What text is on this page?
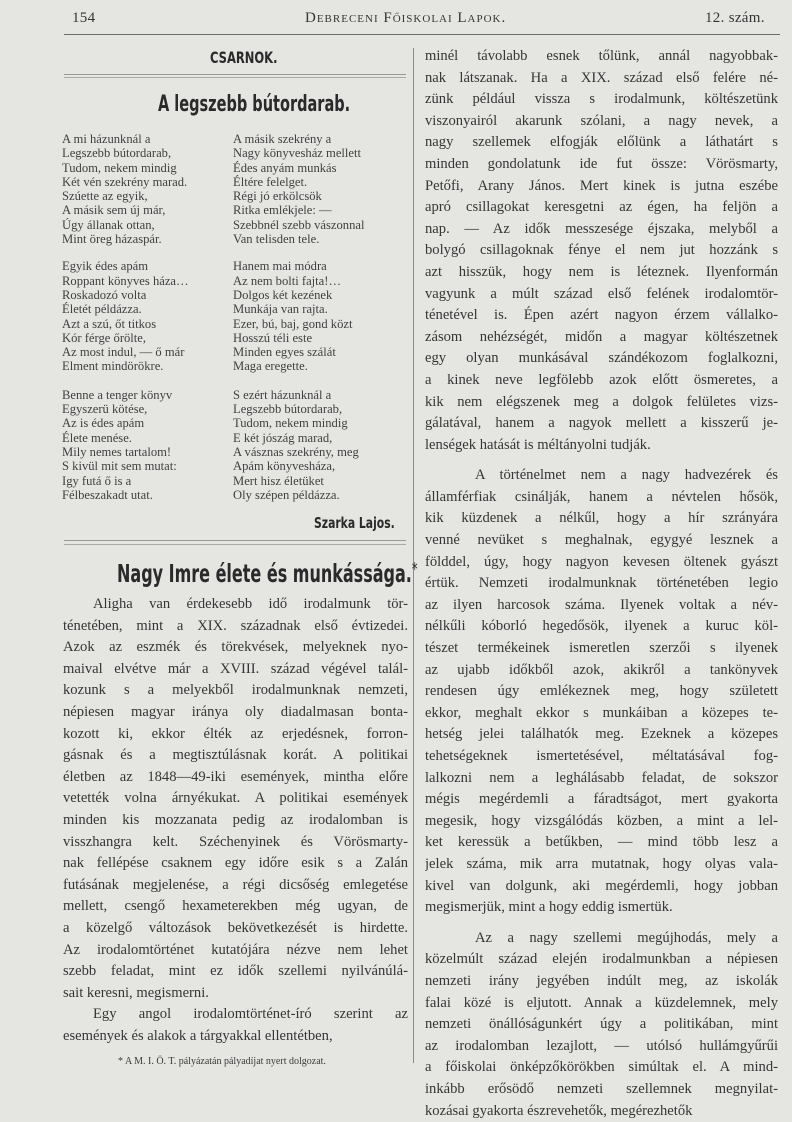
154	Debreceni Főiskolai Lapok.	12. szám.
CSARNOK.
A legszebb bútordarab.
A mi házunknál a
Legszebb bútordarab,
Tudom, nekem mindig
Két vén szekrény marad.
Szúette az egyik,
A másik sem új már,
Úgy állanak ottan,
Mint öreg házaspár.
Egyik édes apám
Roppant könyves háza…
Roskadozó volta
Életét példázza.
Azt a szú, őt titkos
Kór férge őrölte,
Az most indul, — ő már
Elment mindörökre.
Benne a tenger könyv
Egyszerü kötése,
Az is édes apám
Élete menése.
Mily nemes tartalom!
S kivül mit sem mutat:
Igy futá ő is a
Félbeszakadt utat.
A másik szekrény a
Nagy könyvesház mellett
Édes anyám munkás
Éltére felelget.
Régi jó erkölcsök
Ritka emlékjele: —
Szebbnél szebb vászonnal
Van telisden tele.
Hanem mai módra
Az nem bolti fajta!…
Dolgos két kezének
Munkája van rajta.
Ezer, bú, baj, gond közt
Hosszú téli este
Minden egyes szálát
Maga eregette.
S ezért házunknál a
Legszebb bútordarab,
Tudom, nekem mindig
E két jószág marad,
A vásznas szekrény, meg
Apám könyvesháza,
Mert hisz életüket
Oly szépen példázza.
Szarka Lajos.
Nagy Imre élete és munkássága.*
Aligha van érdekesebb idő irodalmunk tör-
ténetében, mint a XIX. századnak első évtizedei.
Azok az eszmék és törekvések, melyeknek nyo-
maival elvétve már a XVIII. század végével talál-
kozunk s a melyekből irodalmunknak nemzeti,
népiesen magyar iránya oly diadalmasan bonta-
kozott ki, ekkor élték az erjedésnek, forron-
gásnak és a megtisztúlásnak korát. A politikai
életben az 1848—49-iki események, mintha előre
vetették volna árnyékukat. A politikai események
minden kis mozzanata pedig az irodalomban is
visszhangra kelt. Széchenyinek és Vörösmarty-
nak fellépése csaknem egy időre esik s a Zalán
futásának megjelenése, a régi dicsőség emlegetése
mellett, csengő hexameterekben még ugyan, de
a közelgő változások bekövetkezését is hirdette.
Az irodalomtörténet kutatójára nézve nem lehet
szebb feladat, mint ez idők szellemi nyilvánúlá-
sait keresni, megismerni.
Egy angol irodalomtörténet-író szerint az
események és alakok a tárgyakkal ellentétben,
* A M. I. Ö. T. pályázatán pályadíjat nyert dolgozat.
minél távolabb esnek tőlünk, annál nagyobbak-
nak látszanak. Ha a XIX. század első felére né-
zünk például vissza s irodalmunk, költészetünk
viszonyairól akarunk szólani, a nagy nevek, a
nagy szellemek elfogják előlünk a láthatárt s
minden gondolatunk ide fut össze: Vörösmarty,
Petőfi, Arany János. Mert kinek is jutna eszébe
apró csillagokat keresgetni az égen, ha feljön a
nap. — Az idők messzesége éjszaka, melyből a
bolygó csillagoknak fénye el nem jut hozzánk s
azt hisszük, hogy nem is léteznek. Ilyenformán
vagyunk a múlt század első felének irodalomtör-
ténetével is. Épen azért nagyon érzem vállalko-
zásom nehézségét, midőn a magyar költészetnek
egy olyan munkásával szándékozom foglalkozni,
a kinek neve legfölebb azok előtt ösmeretes, a
kik nem elégszenek meg a dolgok felületes vizs-
gálatával, hanem a nagyok mellett a kisszerű je-
lenségek hatását is méltányolni tudják.
A történelmet nem a nagy hadvezérek és
államférfiak csinálják, hanem a névtelen hősök,
kik küzdenek a nélkűl, hogy a hír szrányára
venné nevüket s meghalnak, egygyé lesznek a
földdel, úgy, hogy nagyon kevesen öltenek gyászt
értük. Nemzeti irodalmunknak történetében legio
az ilyen harcosok száma. Ilyenek voltak a név-
nélkűli kóborló hegedősök, ilyenek a kuruc köl-
tészet termékeinek ismeretlen szerzői s ilyenek
az ujabb időkből azok, akikről a tankönyvek
rendesen úgy emlékeznek meg, hogy született
ekkor, meghalt ekkor s munkáiban a közepes te-
hetség jelei találhatók meg. Ezeknek a közepes
tehetségeknek ismertetésével, méltatásával fog-
lalkozni nem a leghálásabb feladat, de sokszor
mégis megérdemli a fáradtságot, mert gyakorta
megesik, hogy vizsgálódás közben, a mint a lel-
ket keressük a betűkben, — mind több lesz a
jelek száma, mik arra mutatnak, hogy olyas vala-
kivel van dolgunk, aki megérdemli, hogy jobban
megismerjük, mint a hogy eddig ismertük.
Az a nagy szellemi megújhodás, mely a
közelmúlt század elején irodalmunkban a népiesen
nemzeti irány jegyében indúlt meg, az iskolák
falai közé is eljutott. Annak a küzdelemnek, mely
nemzeti önállóságunkért úgy a politikában, mint
az irodalomban lezajlott, — utólsó hullámgyűrűi
a főiskolai önképzőkörökben simúltak el. A mind-
inkább erősödő nemzeti szellemnek megnyilat-
kozásai gyakorta észrevehetők, megérezhetők
